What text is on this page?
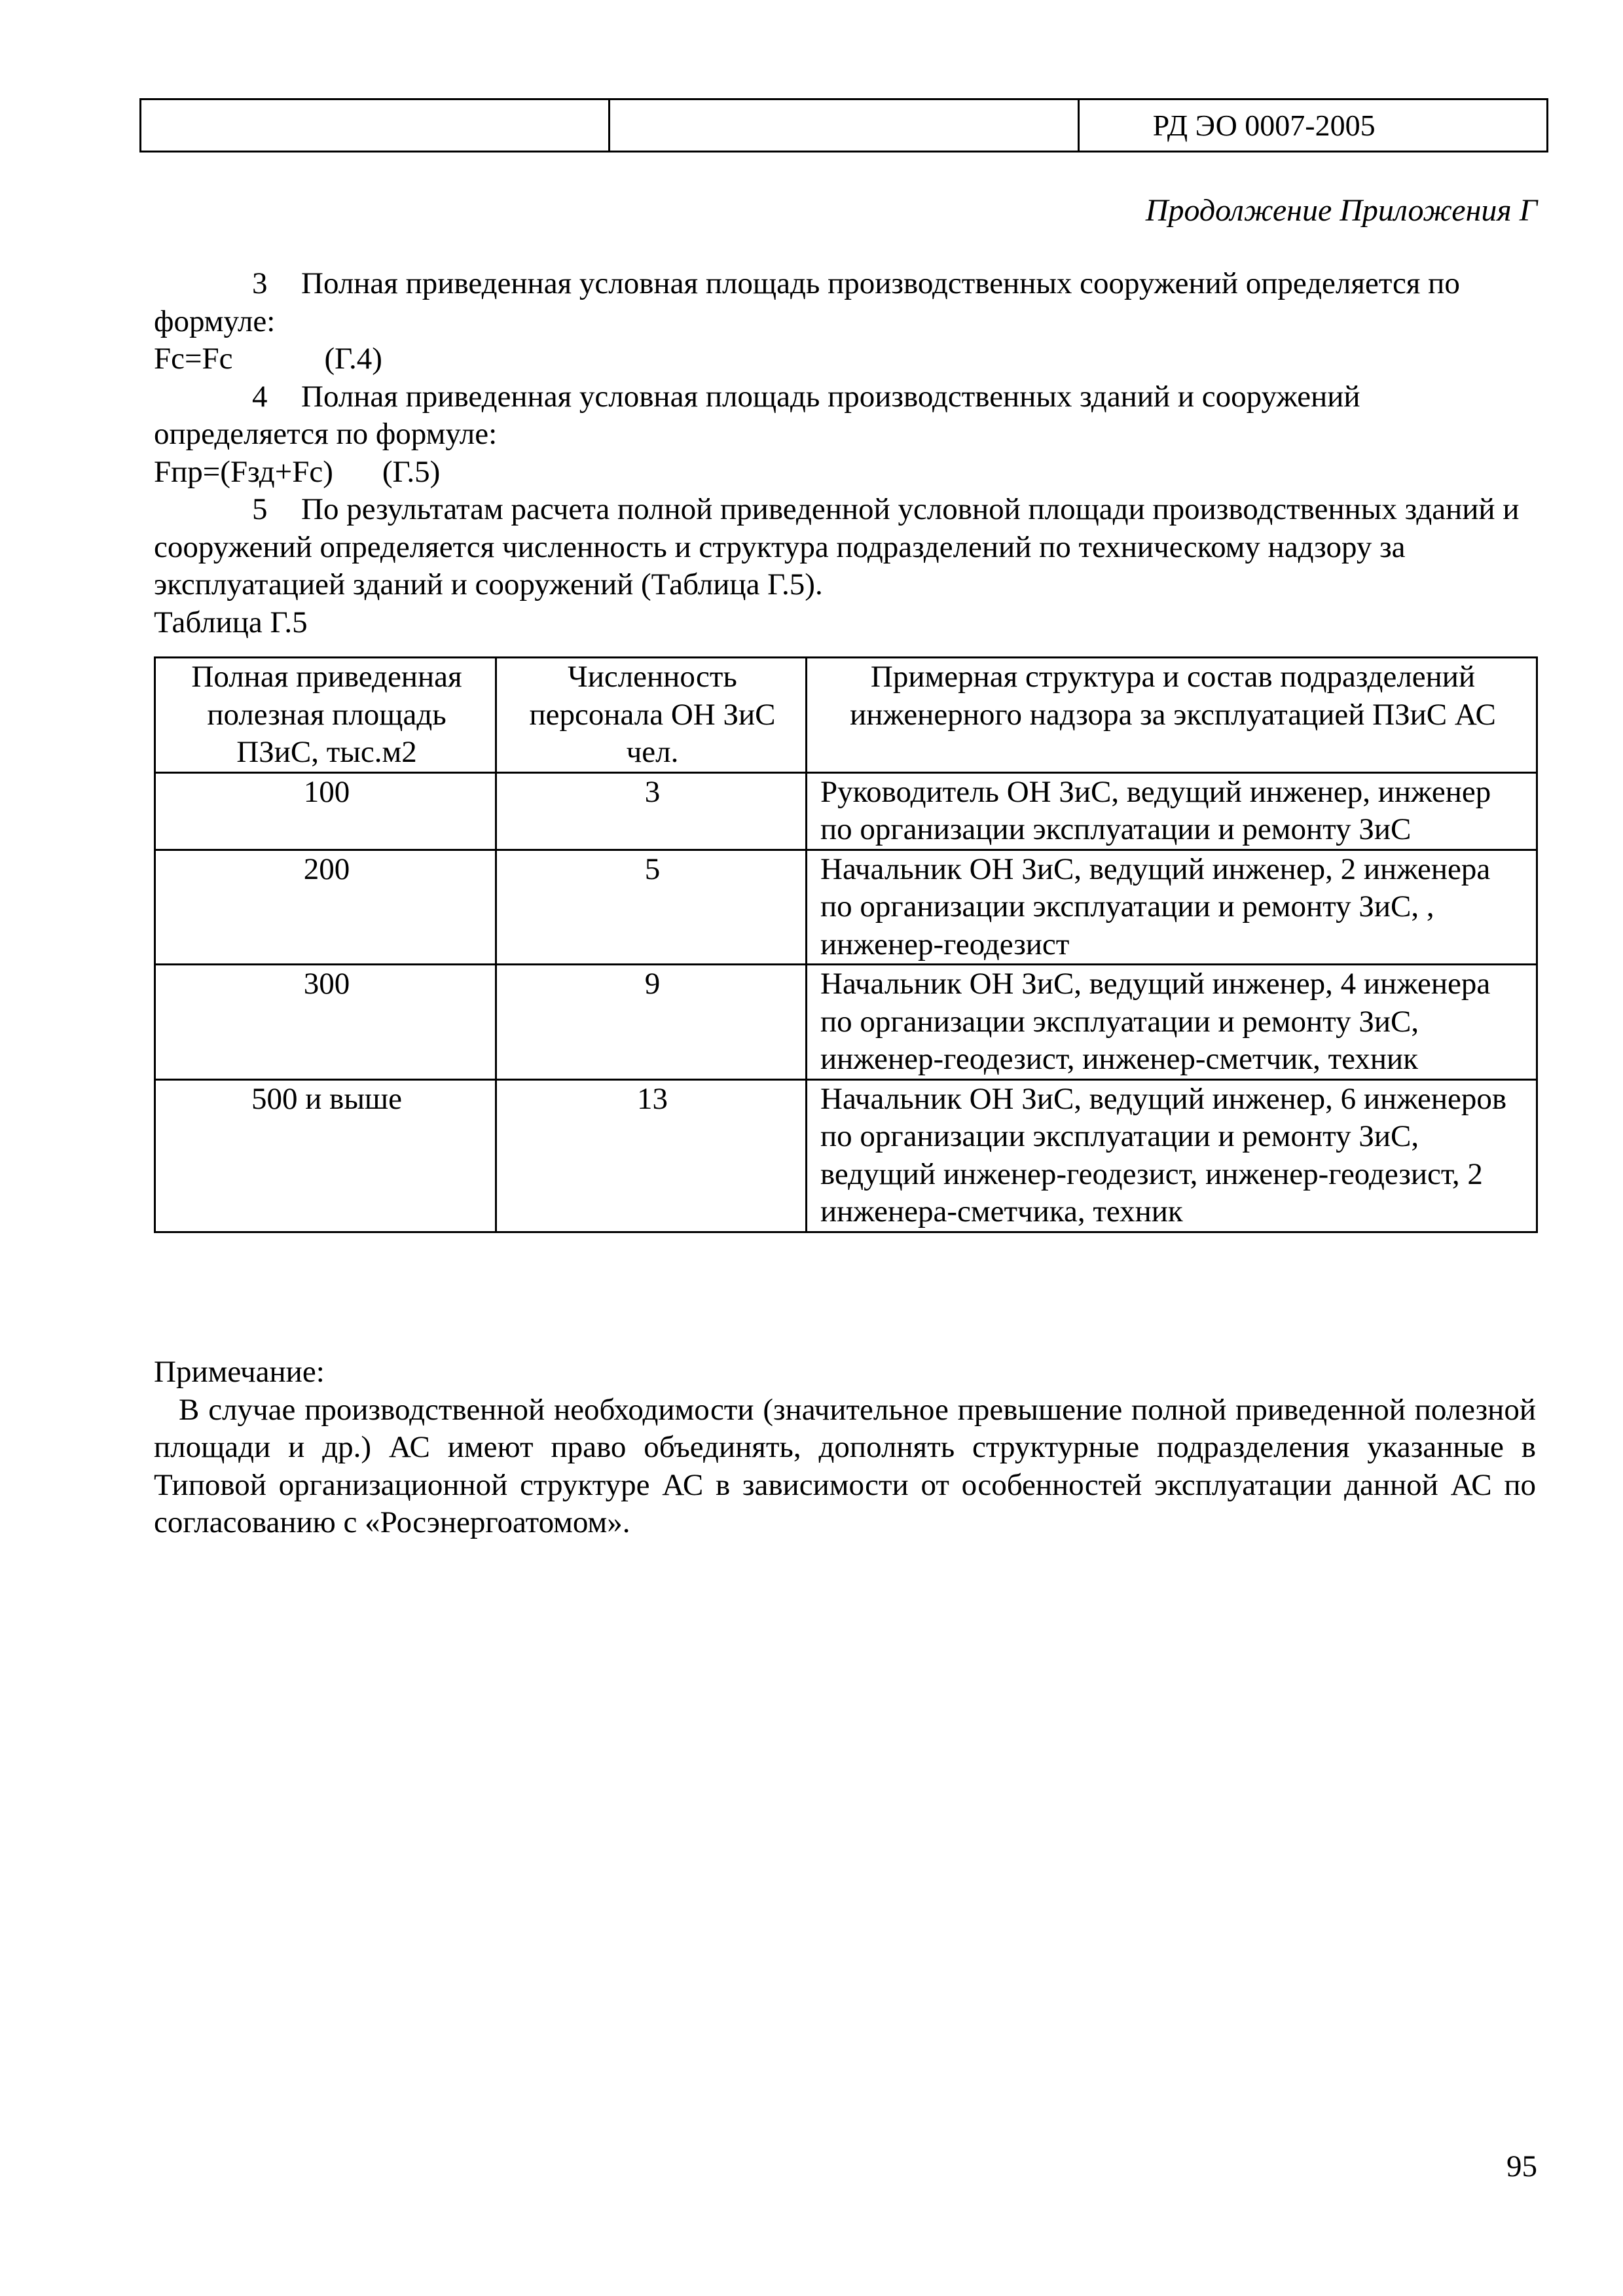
		РД ЭО 0007-2005
Продолжение Приложения Г

3 Полная приведенная условная площадь производственных сооружений определяется по формуле:

Fc=Fc	(Г.4)

4 Полная приведенная условная площадь производственных зданий и сооружений определяется по формуле:

Fпр=(Fзд+Fc) (Г.5)

5 По результатам расчета полной приведенной условной площади производственных зданий и сооружений определяется численность и структура подразделений по техническому надзору за эксплуатацией зданий и сооружений (Таблица Г.5).

Таблица Г.5

Полная приведенная полезная площадь ПЗиС, тыс.м2	Численность персонала ОН ЗиС чел.	Примерная структура и состав подразделений инженерного надзора за эксплуатацией ПЗиС АС
100	3	Руководитель ОН ЗиС, ведущий инженер, инженер по организации эксплуатации и ремонту ЗиС
200	5	Начальник ОН ЗиС, ведущий инженер, 2 инженера по организации эксплуатации и ремонту ЗиС, , инженер-геодезист
300	9	Начальник ОН ЗиС, ведущий инженер, 4 инженера по организации эксплуатации и ремонту ЗиС, инженер-геодезист, инженер-сметчик, техник
500 и выше	13	Начальник ОН ЗиС, ведущий инженер, 6 инженеров по организации эксплуатации и ремонту ЗиС, ведущий инженер-геодезист, инженер-геодезист, 2 инженера-сметчика, техник

Примечание:

В случае производственной необходимости (значительное превышение полной приведенной полезной площади и др.) АС имеют право объединять, дополнять структурные подразделения указанные в Типовой организационной структуре АС в зависимости от особенностей эксплуатации данной АС по согласованию с «Росэнергоатомом».

95
